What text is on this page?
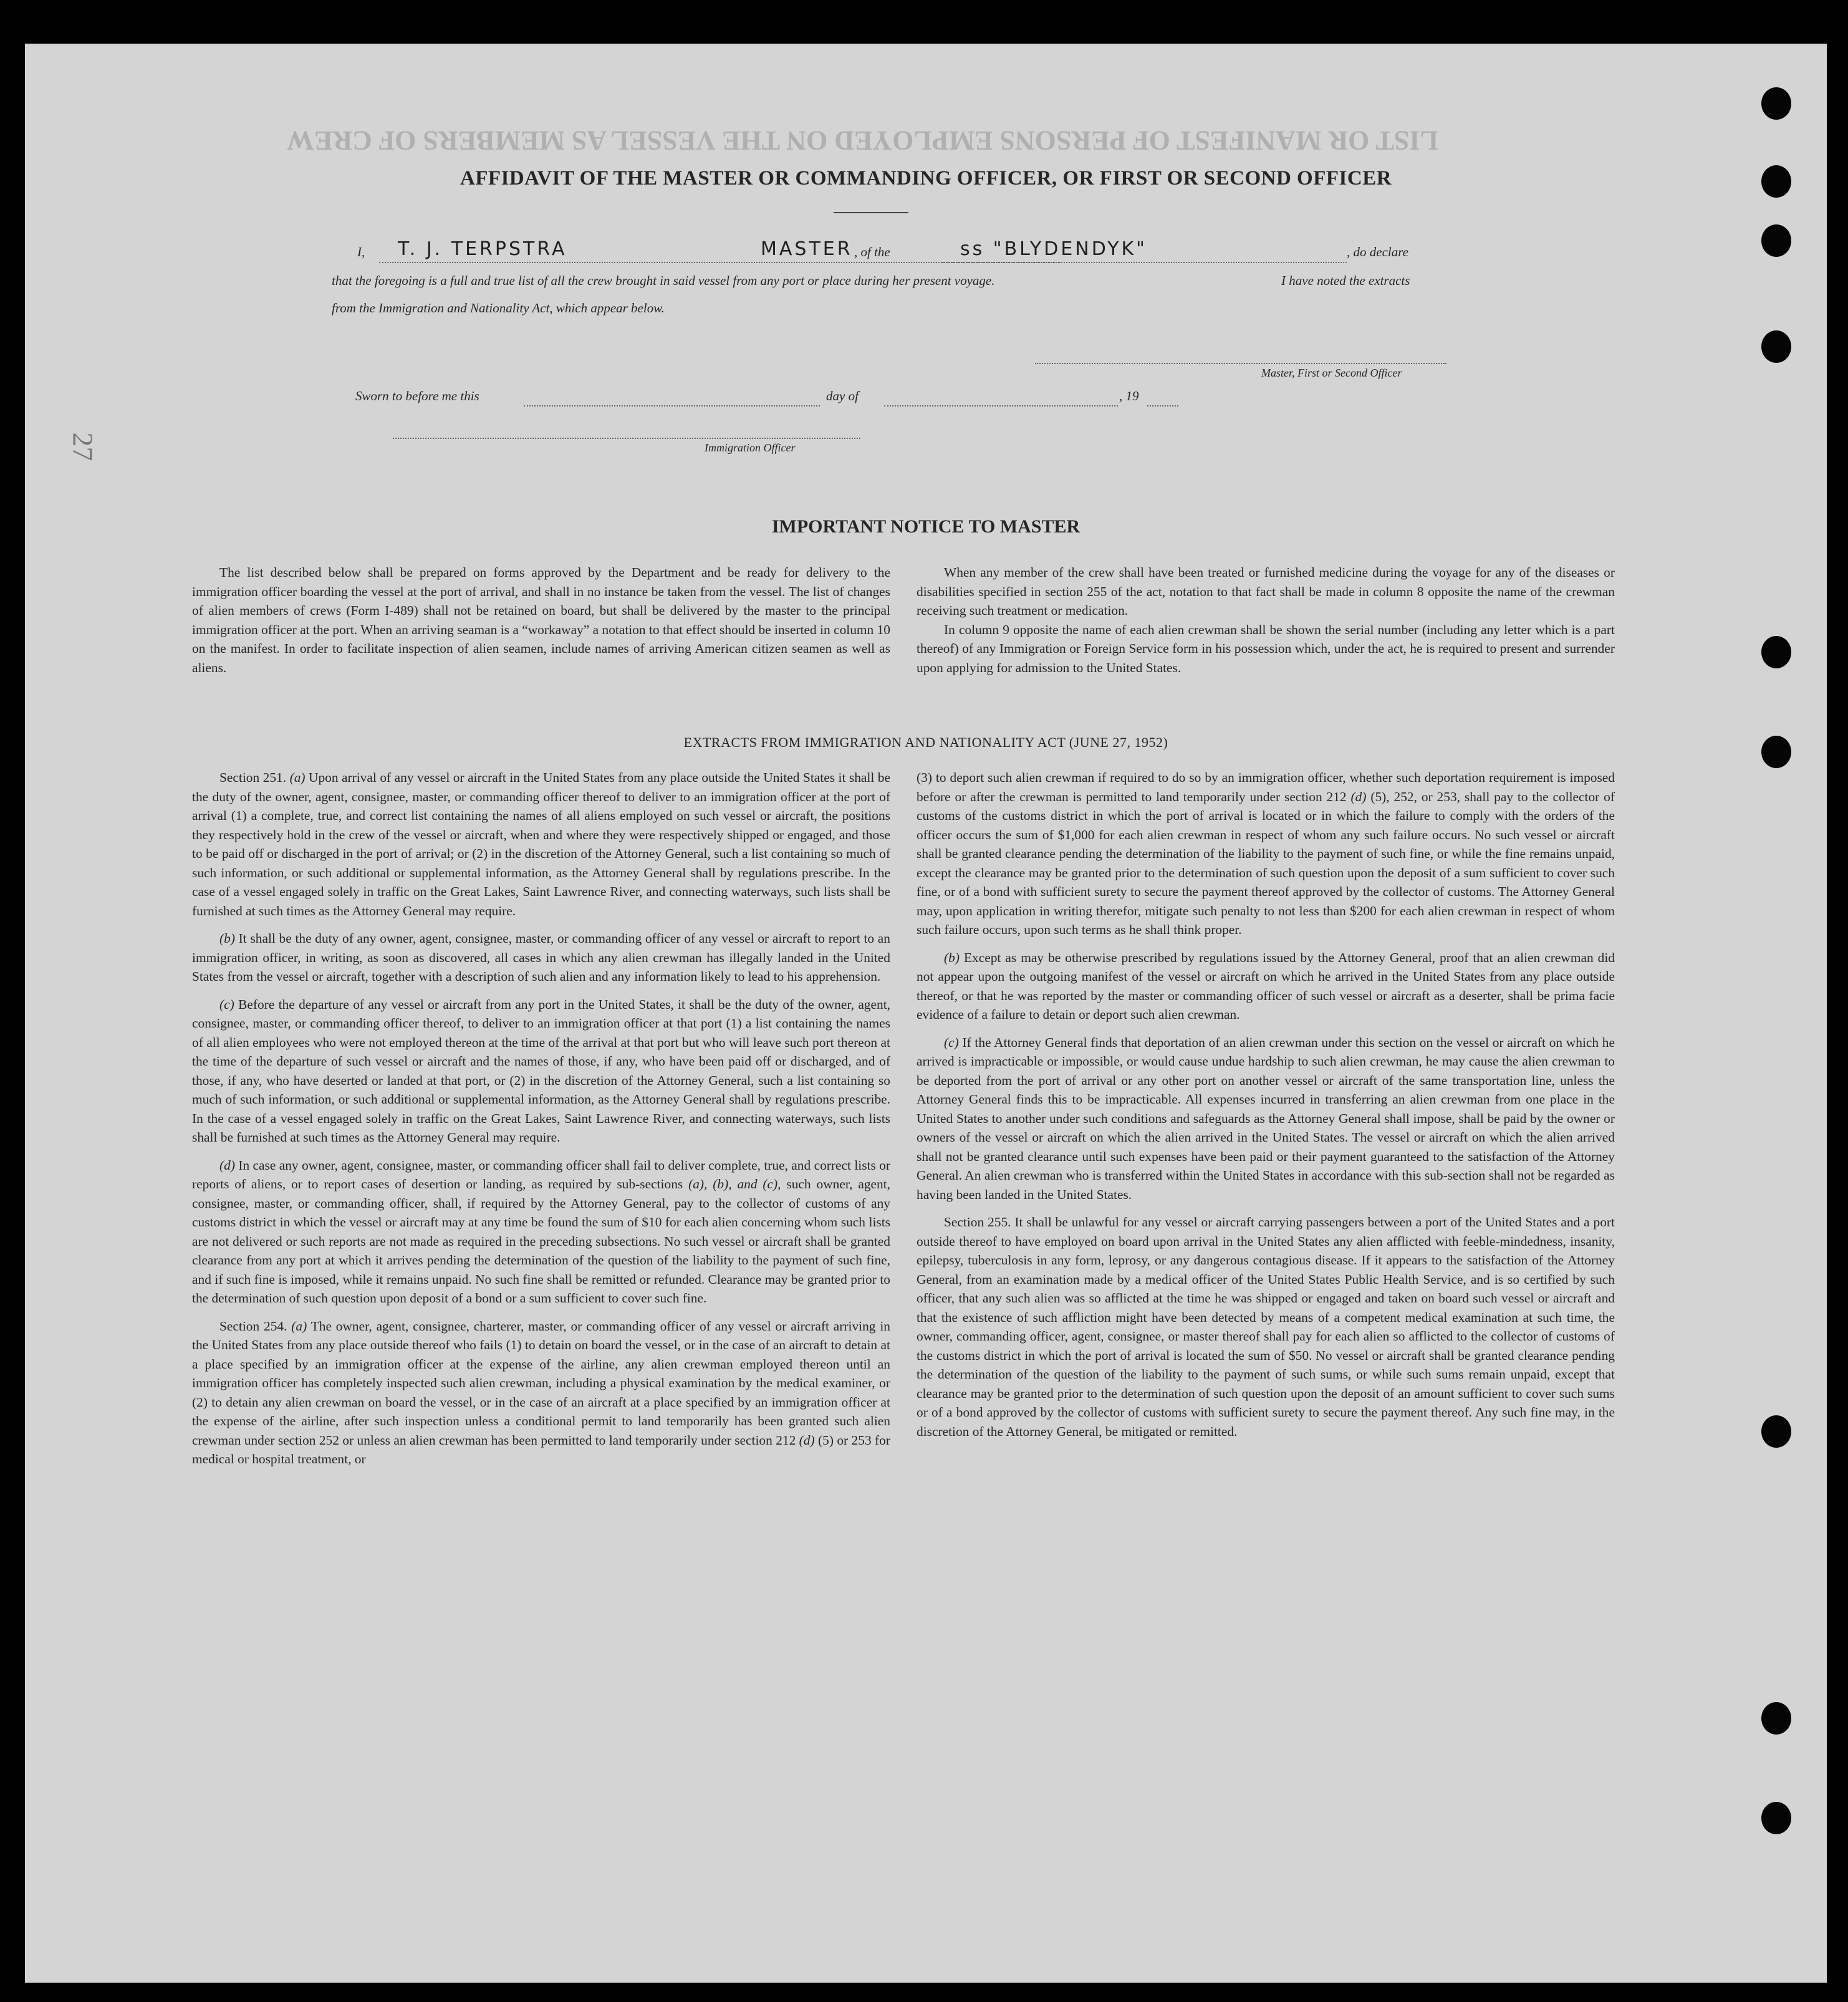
LIST OR MANIFEST OF PERSONS EMPLOYED ON THE VESSEL AS MEMBERS OF CREW
27
AFFIDAVIT OF THE MASTER OR COMMANDING OFFICER, OR FIRST OR SECOND OFFICER
I, T. J. TERPSTRA	MASTER , of the	ss "BLYDENDYK"	, do declare
that the foregoing is a full and true list of all the crew brought in said vessel from any port or place during her present voyage.	I have noted the extracts
from the Immigration and Nationality Act, which appear below.
Master, First or Second Officer
Sworn to before me this	day of	, 19
Immigration Officer
IMPORTANT NOTICE TO MASTER

The list described below shall be prepared on forms approved by the Department and be ready for delivery to the immigration officer boarding the vessel at the port of arrival, and shall in no instance be taken from the vessel. The list of changes of alien members of crews (Form I-489) shall not be retained on board, but shall be delivered by the master to the principal immigration officer at the port. When an arriving seaman is a “workaway” a notation to that effect should be inserted in column 10 on the manifest. In order to facilitate inspection of alien seamen, include names of arriving American citizen seamen as well as aliens.

When any member of the crew shall have been treated or furnished medicine during the voyage for any of the diseases or disabilities specified in section 255 of the act, notation to that fact shall be made in column 8 opposite the name of the crewman receiving such treatment or medication.

In column 9 opposite the name of each alien crewman shall be shown the serial number (including any letter which is a part thereof) of any Immigration or Foreign Service form in his possession which, under the act, he is required to present and surrender upon applying for admission to the United States.

EXTRACTS FROM IMMIGRATION AND NATIONALITY ACT (JUNE 27, 1952)

Section 251. (a) Upon arrival of any vessel or aircraft in the United States from any place outside the United States it shall be the duty of the owner, agent, consignee, master, or commanding officer thereof to deliver to an immigration officer at the port of arrival (1) a complete, true, and correct list containing the names of all aliens employed on such vessel or aircraft, the positions they respectively hold in the crew of the vessel or aircraft, when and where they were respectively shipped or engaged, and those to be paid off or discharged in the port of arrival; or (2) in the discretion of the Attorney General, such a list containing so much of such information, or such additional or supplemental information, as the Attorney General shall by regulations prescribe. In the case of a vessel engaged solely in traffic on the Great Lakes, Saint Lawrence River, and connecting waterways, such lists shall be furnished at such times as the Attorney General may require.

(b) It shall be the duty of any owner, agent, consignee, master, or commanding officer of any vessel or aircraft to report to an immigration officer, in writing, as soon as discovered, all cases in which any alien crewman has illegally landed in the United States from the vessel or aircraft, together with a description of such alien and any information likely to lead to his apprehension.

(c) Before the departure of any vessel or aircraft from any port in the United States, it shall be the duty of the owner, agent, consignee, master, or commanding officer thereof, to deliver to an immigration officer at that port (1) a list containing the names of all alien employees who were not employed thereon at the time of the arrival at that port but who will leave such port thereon at the time of the departure of such vessel or aircraft and the names of those, if any, who have been paid off or discharged, and of those, if any, who have deserted or landed at that port, or (2) in the discretion of the Attorney General, such a list containing so much of such information, or such additional or supplemental information, as the Attorney General shall by regulations prescribe. In the case of a vessel engaged solely in traffic on the Great Lakes, Saint Lawrence River, and connecting waterways, such lists shall be furnished at such times as the Attorney General may require.

(d) In case any owner, agent, consignee, master, or commanding officer shall fail to deliver complete, true, and correct lists or reports of aliens, or to report cases of desertion or landing, as required by sub-sections (a), (b), and (c), such owner, agent, consignee, master, or commanding officer, shall, if required by the Attorney General, pay to the collector of customs of any customs district in which the vessel or aircraft may at any time be found the sum of $10 for each alien concerning whom such lists are not delivered or such reports are not made as required in the preceding subsections. No such vessel or aircraft shall be granted clearance from any port at which it arrives pending the determination of the question of the liability to the payment of such fine, and if such fine is imposed, while it remains unpaid. No such fine shall be remitted or refunded. Clearance may be granted prior to the determination of such question upon deposit of a bond or a sum sufficient to cover such fine.

Section 254. (a) The owner, agent, consignee, charterer, master, or commanding officer of any vessel or aircraft arriving in the United States from any place outside thereof who fails (1) to detain on board the vessel, or in the case of an aircraft to detain at a place specified by an immigration officer at the expense of the airline, any alien crewman employed thereon until an immigration officer has completely inspected such alien crewman, including a physical examination by the medical examiner, or (2) to detain any alien crewman on board the vessel, or in the case of an aircraft at a place specified by an immigration officer at the expense of the airline, after such inspection unless a conditional permit to land temporarily has been granted such alien crewman under section 252 or unless an alien crewman has been permitted to land temporarily under section 212 (d) (5) or 253 for medical or hospital treatment, or

(3) to deport such alien crewman if required to do so by an immigration officer, whether such deportation requirement is imposed before or after the crewman is permitted to land temporarily under section 212 (d) (5), 252, or 253, shall pay to the collector of customs of the customs district in which the port of arrival is located or in which the failure to comply with the orders of the officer occurs the sum of $1,000 for each alien crewman in respect of whom any such failure occurs. No such vessel or aircraft shall be granted clearance pending the determination of the liability to the payment of such fine, or while the fine remains unpaid, except the clearance may be granted prior to the determination of such question upon the deposit of a sum sufficient to cover such fine, or of a bond with sufficient surety to secure the payment thereof approved by the collector of customs. The Attorney General may, upon application in writing therefor, mitigate such penalty to not less than $200 for each alien crewman in respect of whom such failure occurs, upon such terms as he shall think proper.

(b) Except as may be otherwise prescribed by regulations issued by the Attorney General, proof that an alien crewman did not appear upon the outgoing manifest of the vessel or aircraft on which he arrived in the United States from any place outside thereof, or that he was reported by the master or commanding officer of such vessel or aircraft as a deserter, shall be prima facie evidence of a failure to detain or deport such alien crewman.

(c) If the Attorney General finds that deportation of an alien crewman under this section on the vessel or aircraft on which he arrived is impracticable or impossible, or would cause undue hardship to such alien crewman, he may cause the alien crewman to be deported from the port of arrival or any other port on another vessel or aircraft of the same transportation line, unless the Attorney General finds this to be impracticable. All expenses incurred in transferring an alien crewman from one place in the United States to another under such conditions and safeguards as the Attorney General shall impose, shall be paid by the owner or owners of the vessel or aircraft on which the alien arrived in the United States. The vessel or aircraft on which the alien arrived shall not be granted clearance until such expenses have been paid or their payment guaranteed to the satisfaction of the Attorney General. An alien crewman who is transferred within the United States in accordance with this sub-section shall not be regarded as having been landed in the United States.

Section 255. It shall be unlawful for any vessel or aircraft carrying passengers between a port of the United States and a port outside thereof to have employed on board upon arrival in the United States any alien afflicted with feeble-mindedness, insanity, epilepsy, tuberculosis in any form, leprosy, or any dangerous contagious disease. If it appears to the satisfaction of the Attorney General, from an examination made by a medical officer of the United States Public Health Service, and is so certified by such officer, that any such alien was so afflicted at the time he was shipped or engaged and taken on board such vessel or aircraft and that the existence of such affliction might have been detected by means of a competent medical examination at such time, the owner, commanding officer, agent, consignee, or master thereof shall pay for each alien so afflicted to the collector of customs of the customs district in which the port of arrival is located the sum of $50. No vessel or aircraft shall be granted clearance pending the determination of the question of the liability to the payment of such sums, or while such sums remain unpaid, except that clearance may be granted prior to the determination of such question upon the deposit of an amount sufficient to cover such sums or of a bond approved by the collector of customs with sufficient surety to secure the payment thereof. Any such fine may, in the discretion of the Attorney General, be mitigated or remitted.
